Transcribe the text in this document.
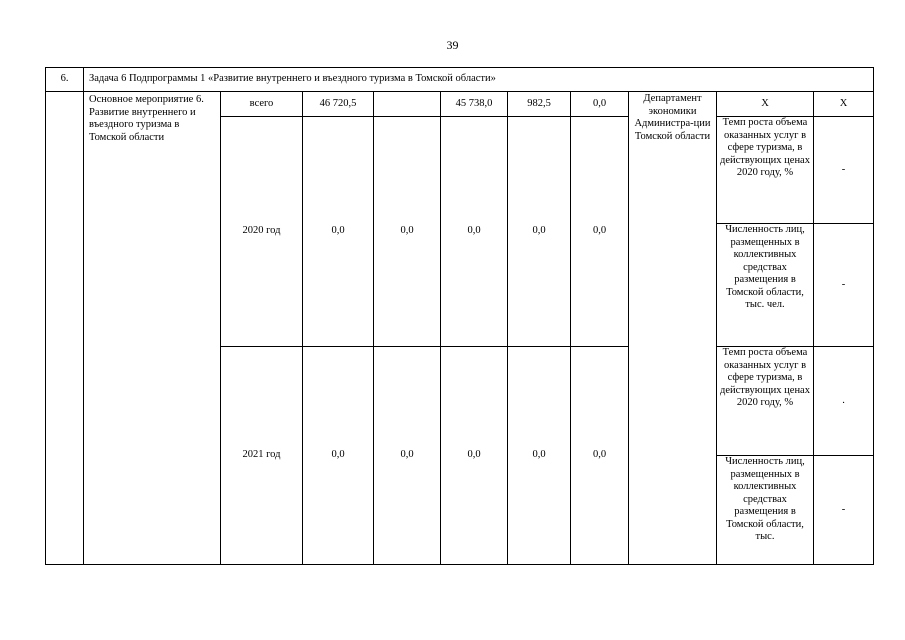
39
6.	Задача 6 Подпрограммы 1 «Развитие внутреннего и въездного туризма в Томской области»									
	Основное мероприятие 6. Развитие внутреннего и въездного туризма в Томской области	всего	46 720,5		45 738,0	982,5	0,0	Департамент экономики Администра-ции Томской области	X	X
		2020 год	0,0	0,0	0,0	0,0	0,0		Темп роста объема оказанных услуг в сфере туризма, в действующих ценах 2020 году, %	-
									Численность лиц, размещенных в коллективных средствах размещения в Томской области, тыс. чел.	-
		2021 год	0,0	0,0	0,0	0,0	0,0		Темп роста объема оказанных услуг в сфере туризма, в действующих ценах 2020 году, %	.
									Численность лиц, размещенных в коллективных средствах размещения в Томской области, тыс.	-
